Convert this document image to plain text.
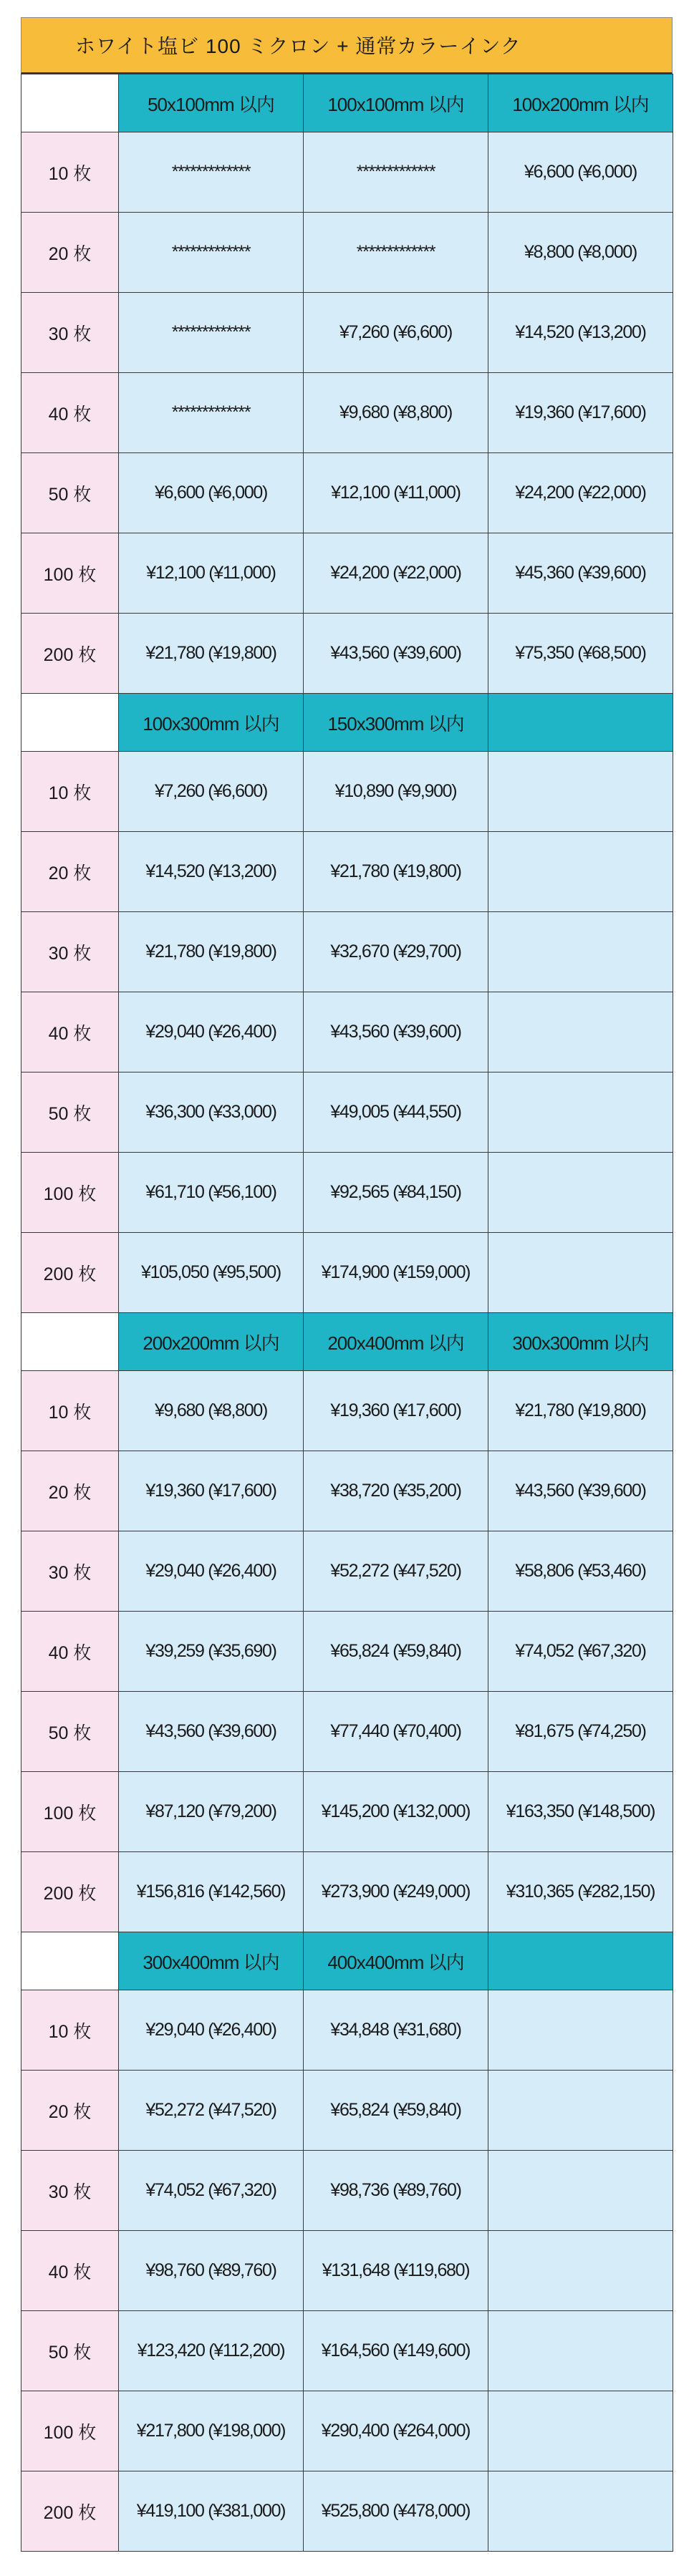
ホワイト塩ビ 100 ミクロン + 通常カラーインク
	50x100mm 以内	100x100mm 以内	100x200mm 以内
10 枚	*************	*************	¥6,600 (¥6,000)
20 枚	*************	*************	¥8,800 (¥8,000)
30 枚	*************	¥7,260 (¥6,600)	¥14,520 (¥13,200)
40 枚	*************	¥9,680 (¥8,800)	¥19,360 (¥17,600)
50 枚	¥6,600 (¥6,000)	¥12,100 (¥11,000)	¥24,200 (¥22,000)
100 枚	¥12,100 (¥11,000)	¥24,200 (¥22,000)	¥45,360 (¥39,600)
200 枚	¥21,780 (¥19,800)	¥43,560 (¥39,600)	¥75,350 (¥68,500)
	100x300mm 以内	150x300mm 以内	
10 枚	¥7,260 (¥6,600)	¥10,890 (¥9,900)	
20 枚	¥14,520 (¥13,200)	¥21,780 (¥19,800)	
30 枚	¥21,780 (¥19,800)	¥32,670 (¥29,700)	
40 枚	¥29,040 (¥26,400)	¥43,560 (¥39,600)	
50 枚	¥36,300 (¥33,000)	¥49,005 (¥44,550)	
100 枚	¥61,710 (¥56,100)	¥92,565 (¥84,150)	
200 枚	¥105,050 (¥95,500)	¥174,900 (¥159,000)	
	200x200mm 以内	200x400mm 以内	300x300mm 以内
10 枚	¥9,680 (¥8,800)	¥19,360 (¥17,600)	¥21,780 (¥19,800)
20 枚	¥19,360 (¥17,600)	¥38,720 (¥35,200)	¥43,560 (¥39,600)
30 枚	¥29,040 (¥26,400)	¥52,272 (¥47,520)	¥58,806 (¥53,460)
40 枚	¥39,259 (¥35,690)	¥65,824 (¥59,840)	¥74,052 (¥67,320)
50 枚	¥43,560 (¥39,600)	¥77,440 (¥70,400)	¥81,675 (¥74,250)
100 枚	¥87,120 (¥79,200)	¥145,200 (¥132,000)	¥163,350 (¥148,500)
200 枚	¥156,816 (¥142,560)	¥273,900 (¥249,000)	¥310,365 (¥282,150)
	300x400mm 以内	400x400mm 以内	
10 枚	¥29,040 (¥26,400)	¥34,848 (¥31,680)	
20 枚	¥52,272 (¥47,520)	¥65,824 (¥59,840)	
30 枚	¥74,052 (¥67,320)	¥98,736 (¥89,760)	
40 枚	¥98,760 (¥89,760)	¥131,648 (¥119,680)	
50 枚	¥123,420 (¥112,200)	¥164,560 (¥149,600)	
100 枚	¥217,800 (¥198,000)	¥290,400 (¥264,000)	
200 枚	¥419,100 (¥381,000)	¥525,800 (¥478,000)	
